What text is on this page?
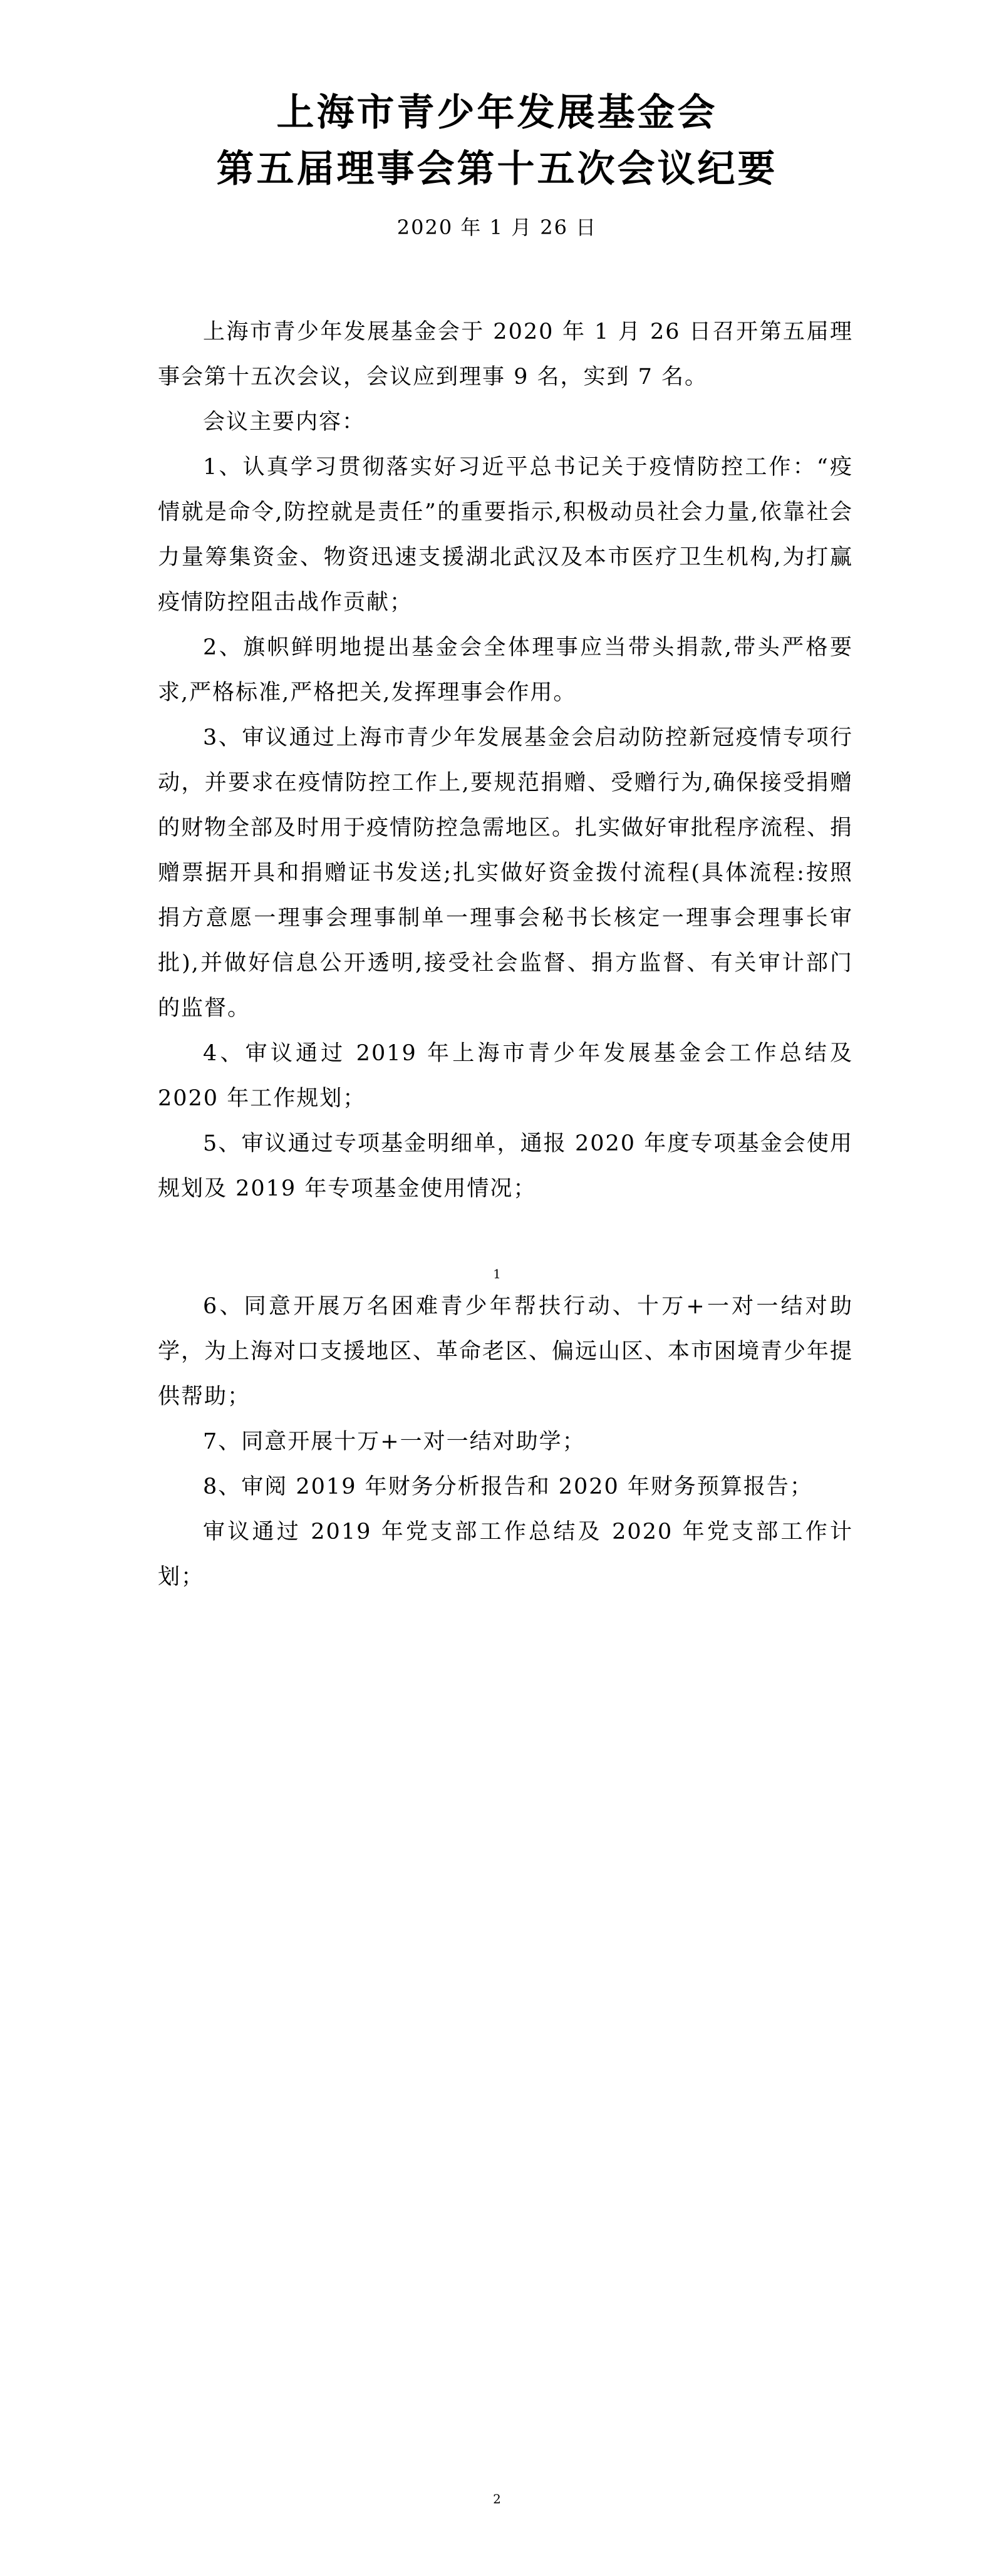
上海市青少年发展基金会
第五届理事会第十五次会议纪要
2020 年 1 月 26 日

上海市青少年发展基金会于 2020 年 1 月 26 日召开第五届理事会第十五次会议，会议应到理事 9 名，实到 7 名。

会议主要内容：

1、认真学习贯彻落实好习近平总书记关于疫情防控工作：“疫情就是命令,防控就是责任”的重要指示,积极动员社会力量,依靠社会力量筹集资金、物资迅速支援湖北武汉及本市医疗卫生机构,为打赢疫情防控阻击战作贡献；

2、旗帜鲜明地提出基金会全体理事应当带头捐款,带头严格要求,严格标准,严格把关,发挥理事会作用。

3、审议通过上海市青少年发展基金会启动防控新冠疫情专项行动，并要求在疫情防控工作上,要规范捐赠、受赠行为,确保接受捐赠的财物全部及时用于疫情防控急需地区。扎实做好审批程序流程、捐赠票据开具和捐赠证书发送;扎实做好资金拨付流程(具体流程:按照捐方意愿一理事会理事制单一理事会秘书长核定一理事会理事长审批),并做好信息公开透明,接受社会监督、捐方监督、有关审计部门的监督。

4、审议通过 2019 年上海市青少年发展基金会工作总结及 2020 年工作规划；

5、审议通过专项基金明细单，通报 2020 年度专项基金会使用规划及 2019 年专项基金使用情况；

1

6、同意开展万名困难青少年帮扶行动、十万+一对一结对助学，为上海对口支援地区、革命老区、偏远山区、本市困境青少年提供帮助；

7、同意开展十万+一对一结对助学；

8、审阅 2019 年财务分析报告和 2020 年财务预算报告；

审议通过 2019 年党支部工作总结及 2020 年党支部工作计划；

2
